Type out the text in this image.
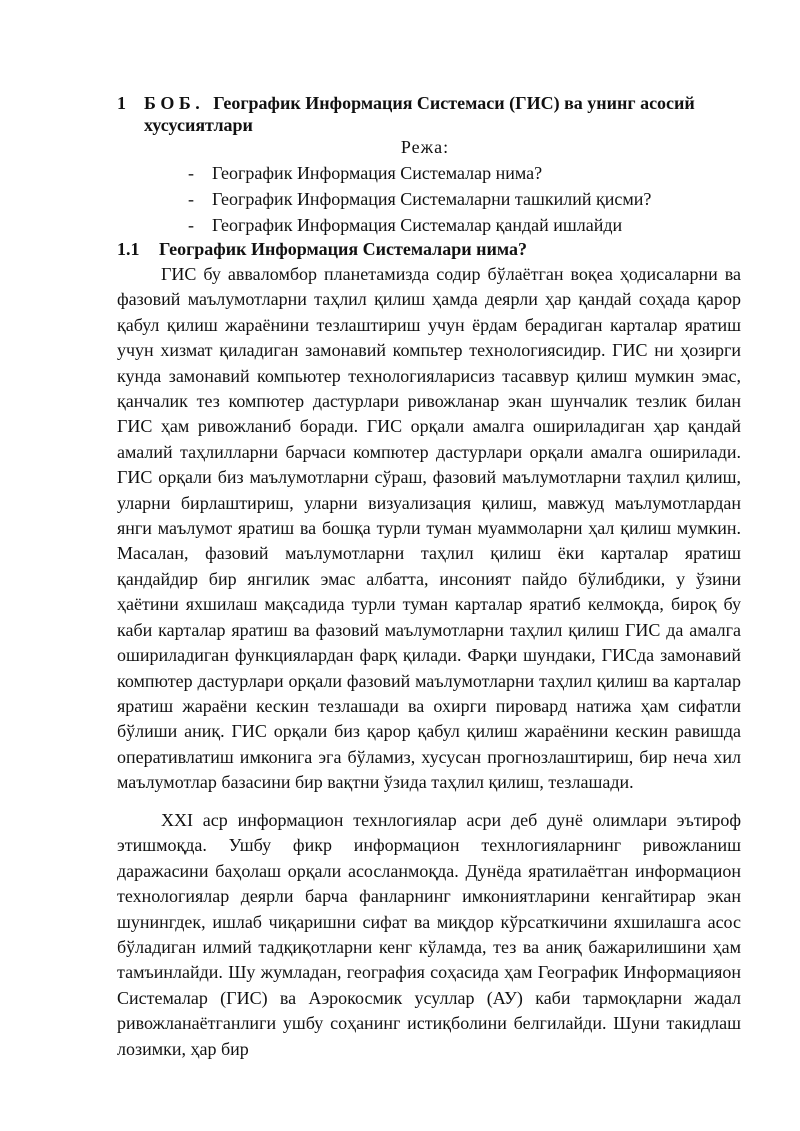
1 Б О Б .   Географик Информация Системаси (ГИС) ва унинг асосий хусусиятлари
Режа:
- Географик Информация Системалар нима?
- Географик Информация Системаларни ташкилий қисми?
- Географик Информация Системалар қандай ишлайди
1.1 Географик Информация Системалари нима?

ГИС бу авваломбор планетамизда содир бўлаётган воқеа ҳодисаларни ва фазовий маълумотларни таҳлил қилиш ҳамда деярли ҳар қандай соҳада қарор қабул қилиш жараёнини тезлаштириш учун ёрдам берадиган карталар яратиш учун хизмат қиладиган замонавий компьтер технологиясидир. ГИС ни ҳозирги кунда замонавий компьютер технологияларисиз тасаввур қилиш мумкин эмас, қанчалик тез компютер дастурлари ривожланар экан шунчалик тезлик билан ГИС ҳам ривожланиб боради. ГИС орқали амалга ошириладиган ҳар қандай амалий таҳлилларни барчаси компютер дастурлари орқали амалга оширилади. ГИС орқали биз маълумотларни сўраш, фазовий маълумотларни таҳлил қилиш, уларни бирлаштириш, уларни визуализация қилиш, мавжуд маълумотлардан янги маълумот яратиш ва бошқа турли туман муаммоларни ҳал қилиш мумкин. Масалан, фазовий маълумотларни таҳлил қилиш ёки карталар яратиш қандайдир бир янгилик эмас албатта, инсоният пайдо бўлибдики, у ўзини ҳаётини яхшилаш мақсадида турли туман карталар яратиб келмоқда, бироқ бу каби карталар яратиш ва фазовий маълумотларни таҳлил қилиш ГИС да амалга ошириладиган функциялардан фарқ қилади. Фарқи шундаки, ГИСда замонавий компютер дастурлари орқали фазовий маълумотларни таҳлил қилиш ва карталар яратиш жараёни кескин тезлашади ва охирги пировард натижа ҳам сифатли бўлиши аниқ. ГИС орқали биз қарор қабул қилиш жараёнини кескин равишда оперативлатиш имконига эга бўламиз, хусусан прогнозлаштириш, бир неча хил маълумотлар базасини бир вақтни ўзида таҳлил қилиш, тезлашади.

XXI аср информацион технлогиялар асри деб дунё олимлари эътироф этишмоқда. Ушбу фикр информацион технлогияларнинг ривожланиш даражасини баҳолаш орқали асосланмоқда. Дунёда яратилаётган информацион технологиялар деярли барча фанларнинг имкониятларини кенгайтирар экан шунингдек, ишлаб чиқаришни сифат ва миқдор кўрсаткичини яхшилашга асос бўладиган илмий тадқиқотларни кенг кўламда, тез ва аниқ бажарилишини ҳам тамъинлайди. Шу жумладан, география соҳасида ҳам Географик Информацияон Системалар (ГИС) ва Аэрокосмик усуллар (АУ) каби тармоқларни жадал ривожланаётганлиги ушбу соҳанинг истиқболини белгилайди. Шуни такидлаш лозимки, ҳар бир
